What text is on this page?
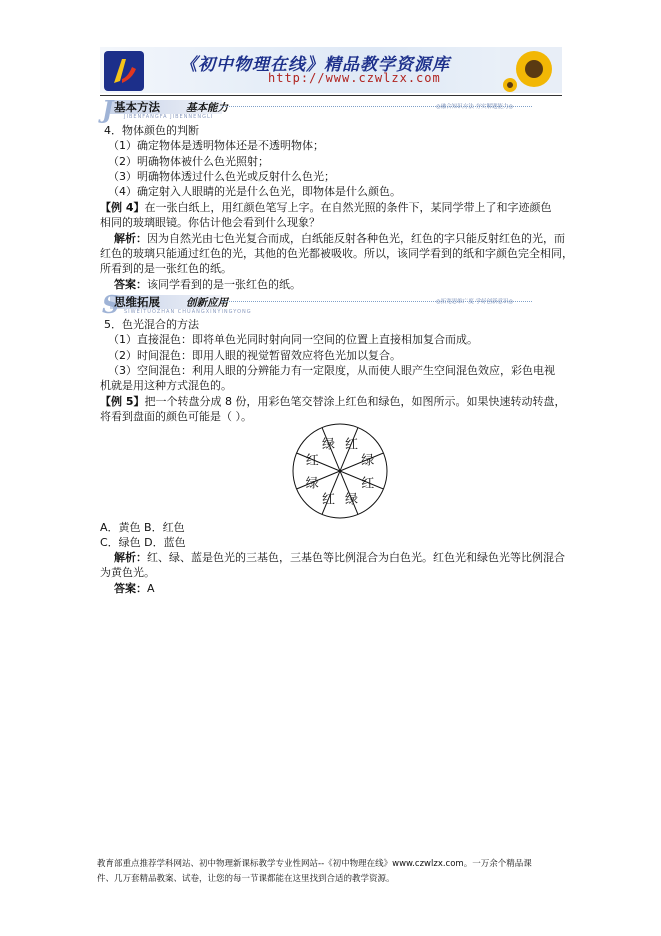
《初中物理在线》精品教学资源库
http://www.czwlzx.com
J 基本方法 基本能力
JIBENFANGFA JIBENNENGLI
◎融合知识方法 夯实解题能力◎
4．物体颜色的判断
（1）确定物体是透明物体还是不透明物体；
（2）明确物体被什么色光照射；
（3）明确物体透过什么色光或反射什么色光；
（4）确定射入人眼睛的光是什么色光，即物体是什么颜色。
【例 4】在一张白纸上，用红颜色笔写上字。在自然光照的条件下，某同学带上了和字迹颜色
相同的玻璃眼镜。你估计他会看到什么现象？
解析：因为自然光由七色光复合而成，白纸能反射各种色光，红色的字只能反射红色的光，而
红色的玻璃只能通过红色的光，其他的色光都被吸收。所以，该同学看到的纸和字颜色完全相同，
所看到的是一张红色的纸。
答案：该同学看到的是一张红色的纸。
S
思维拓展 创新应用
SIWEITUOZHAN CHUANGXINYINGYONG
◎拓宽思维广度 学好创新意识◎
5．色光混合的方法
（1）直接混色：即将单色光同时射向同一空间的位置上直接相加复合而成。
（2）时间混色：即用人眼的视觉暂留效应将色光加以复合。
（3）空间混色：利用人眼的分辨能力有一定限度，从而使人眼产生空间混色效应，彩色电视
机就是用这种方式混色的。
【例 5】把一个转盘分成 8 份，用彩色笔交替涂上红色和绿色，如图所示。如果快速转动转盘，
将看到盘面的颜色可能是（ ）。
绿 红
绿
红
绿
红
绿
红
A．黄色 B．红色
C．绿色 D．蓝色
解析：红、绿、蓝是色光的三基色，三基色等比例混合为白色光。红色光和绿色光等比例混合
为黄色光。
答案：A
教育部重点推荐学科网站、初中物理新课标教学专业性网站--《初中物理在线》www.czwlzx.com。一万余个精品课
件、几万套精品教案、试卷，让您的每一节课都能在这里找到合适的教学资源。
